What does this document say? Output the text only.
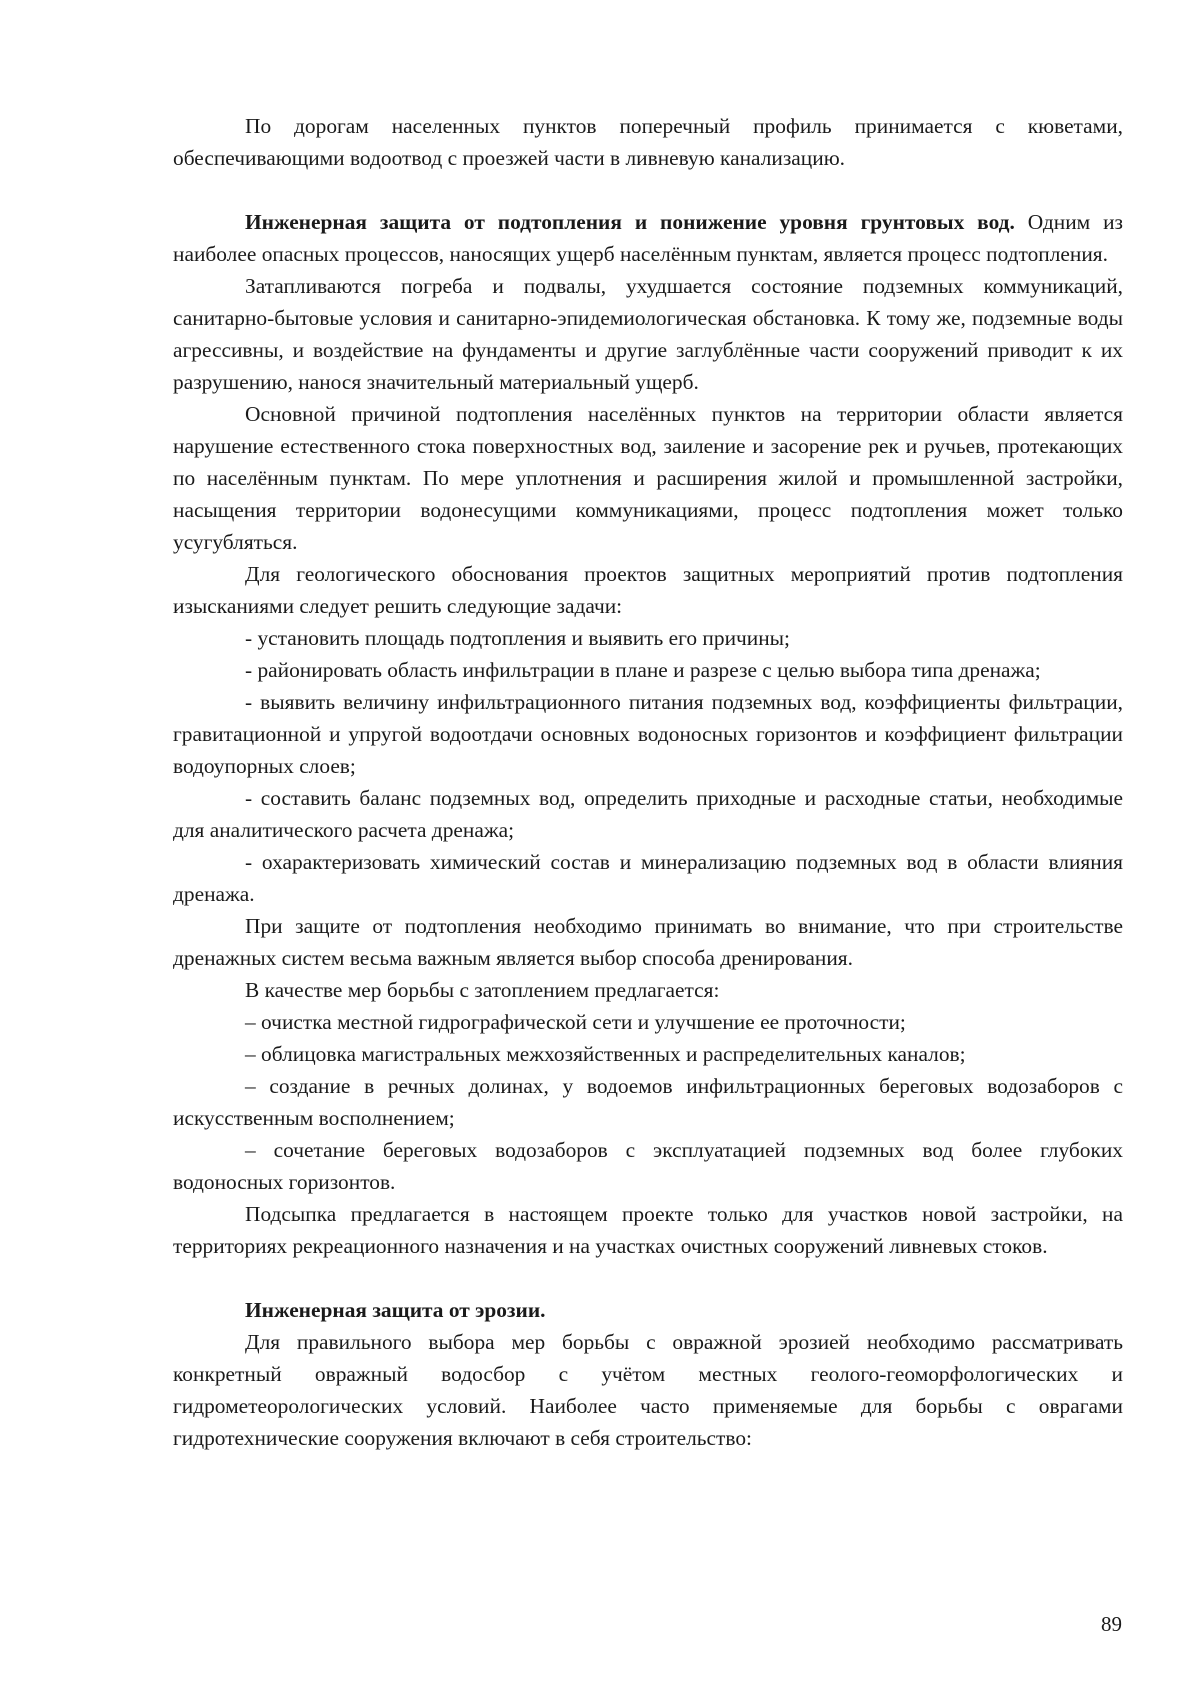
По дорогам населенных пунктов поперечный профиль принимается с кюветами, обеспечивающими водоотвод с проезжей части в ливневую канализацию.

Инженерная защита от подтопления и понижение уровня грунтовых вод. Одним из наиболее опасных процессов, наносящих ущерб населённым пунктам, является процесс подтопления.

Затапливаются погреба и подвалы, ухудшается состояние подземных коммуникаций, санитарно-бытовые условия и санитарно-эпидемиологическая обстановка. К тому же, подземные воды агрессивны, и воздействие на фундаменты и другие заглублённые части сооружений приводит к их разрушению, нанося значительный материальный ущерб.

Основной причиной подтопления населённых пунктов на территории области является нарушение естественного стока поверхностных вод, заиление и засорение рек и ручьев, протекающих по населённым пунктам. По мере уплотнения и расширения жилой и промышленной застройки, насыщения территории водонесущими коммуникациями, процесс подтопления может только усугубляться.

Для геологического обоснования проектов защитных мероприятий против подтопления изысканиями следует решить следующие задачи:

- установить площадь подтопления и выявить его причины;

- районировать область инфильтрации в плане и разрезе с целью выбора типа дренажа;

- выявить величину инфильтрационного питания подземных вод, коэффициенты фильтрации, гравитационной и упругой водоотдачи основных водоносных горизонтов и коэффициент фильтрации водоупорных слоев;

- составить баланс подземных вод, определить приходные и расходные статьи, необходимые для аналитического расчета дренажа;

- охарактеризовать химический состав и минерализацию подземных вод в области влияния дренажа.

При защите от подтопления необходимо принимать во внимание, что при строительстве дренажных систем весьма важным является выбор способа дренирования.

В качестве мер борьбы с затоплением предлагается:

– очистка местной гидрографической сети и улучшение ее проточности;

– облицовка магистральных межхозяйственных и распределительных каналов;

– создание в речных долинах, у водоемов инфильтрационных береговых водозаборов с искусственным восполнением;

– сочетание береговых водозаборов с эксплуатацией подземных вод более глубоких водоносных горизонтов.

Подсыпка предлагается в настоящем проекте только для участков новой застройки, на территориях рекреационного назначения и на участках очистных сооружений ливневых стоков.

Инженерная защита от эрозии.

Для правильного выбора мер борьбы с овражной эрозией необходимо рассматривать конкретный овражный водосбор с учётом местных геолого-геоморфологических и гидрометеорологических условий. Наиболее часто применяемые для борьбы с оврагами гидротехнические сооружения включают в себя строительство:

89
